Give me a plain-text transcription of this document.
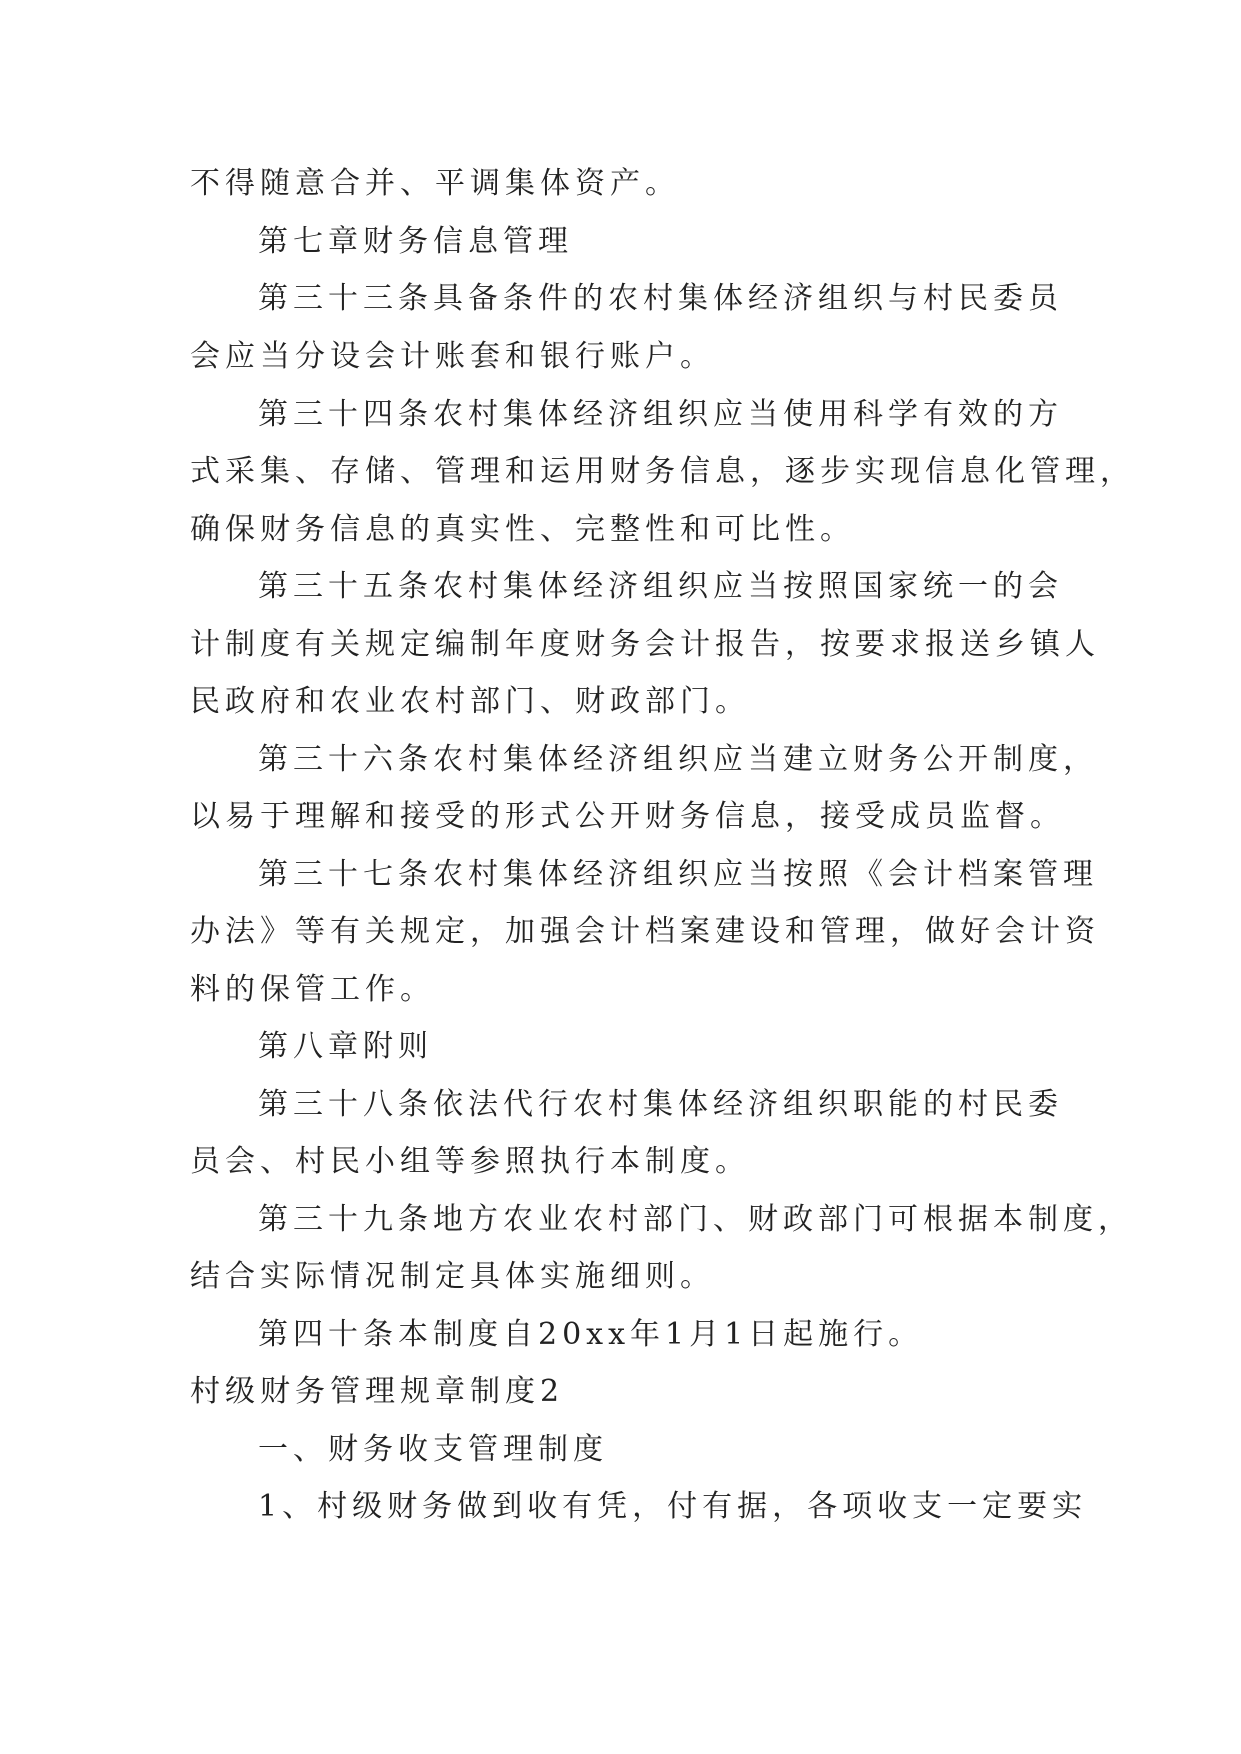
不得随意合并、平调集体资产。
第七章财务信息管理
第三十三条具备条件的农村集体经济组织与村民委员
会应当分设会计账套和银行账户。
第三十四条农村集体经济组织应当使用科学有效的方
式采集、存储、管理和运用财务信息，逐步实现信息化管理，
确保财务信息的真实性、完整性和可比性。
第三十五条农村集体经济组织应当按照国家统一的会
计制度有关规定编制年度财务会计报告，按要求报送乡镇人
民政府和农业农村部门、财政部门。
第三十六条农村集体经济组织应当建立财务公开制度，
以易于理解和接受的形式公开财务信息，接受成员监督。
第三十七条农村集体经济组织应当按照《会计档案管理
办法》等有关规定，加强会计档案建设和管理，做好会计资
料的保管工作。
第八章附则
第三十八条依法代行农村集体经济组织职能的村民委
员会、村民小组等参照执行本制度。
第三十九条地方农业农村部门、财政部门可根据本制度，
结合实际情况制定具体实施细则。
第四十条本制度自20xx年1月1日起施行。
村级财务管理规章制度2
一、财务收支管理制度
1、村级财务做到收有凭，付有据，各项收支一定要实
